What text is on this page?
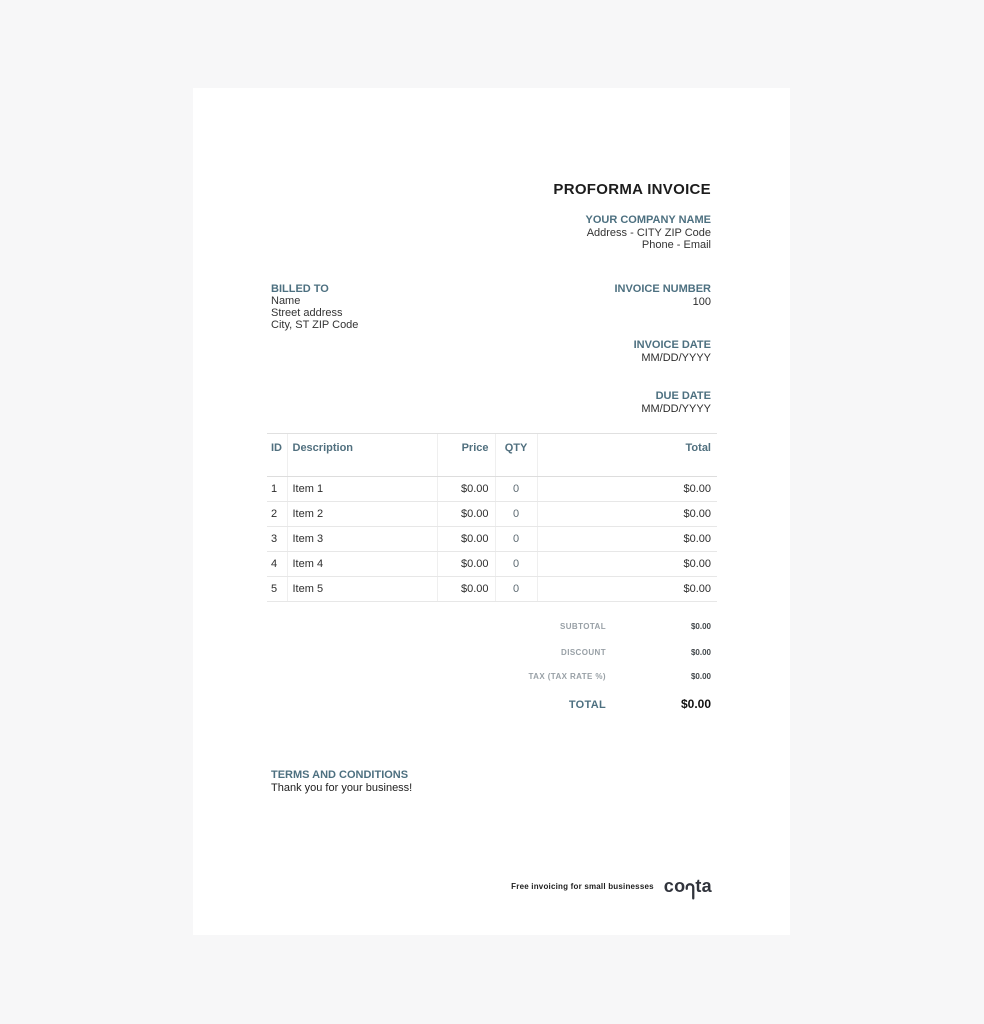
PROFORMA INVOICE
YOUR COMPANY NAME
Address - CITY ZIP Code
Phone - Email
BILLED TO
Name
Street address
City, ST ZIP Code
INVOICE NUMBER
100
INVOICE DATE
MM/DD/YYYY
DUE DATE
MM/DD/YYYY
ID	Description	Price	QTY	Total
1	Item 1	$0.00	0	$0.00
2	Item 2	$0.00	0	$0.00
3	Item 3	$0.00	0	$0.00
4	Item 4	$0.00	0	$0.00
5	Item 5	$0.00	0	$0.00
SUBTOTAL	$0.00
DISCOUNT	$0.00
TAX (TAX RATE %)	$0.00
TOTAL	$0.00
TERMS AND CONDITIONS
Thank you for your business!
Free invoicing for small businesses co ta
